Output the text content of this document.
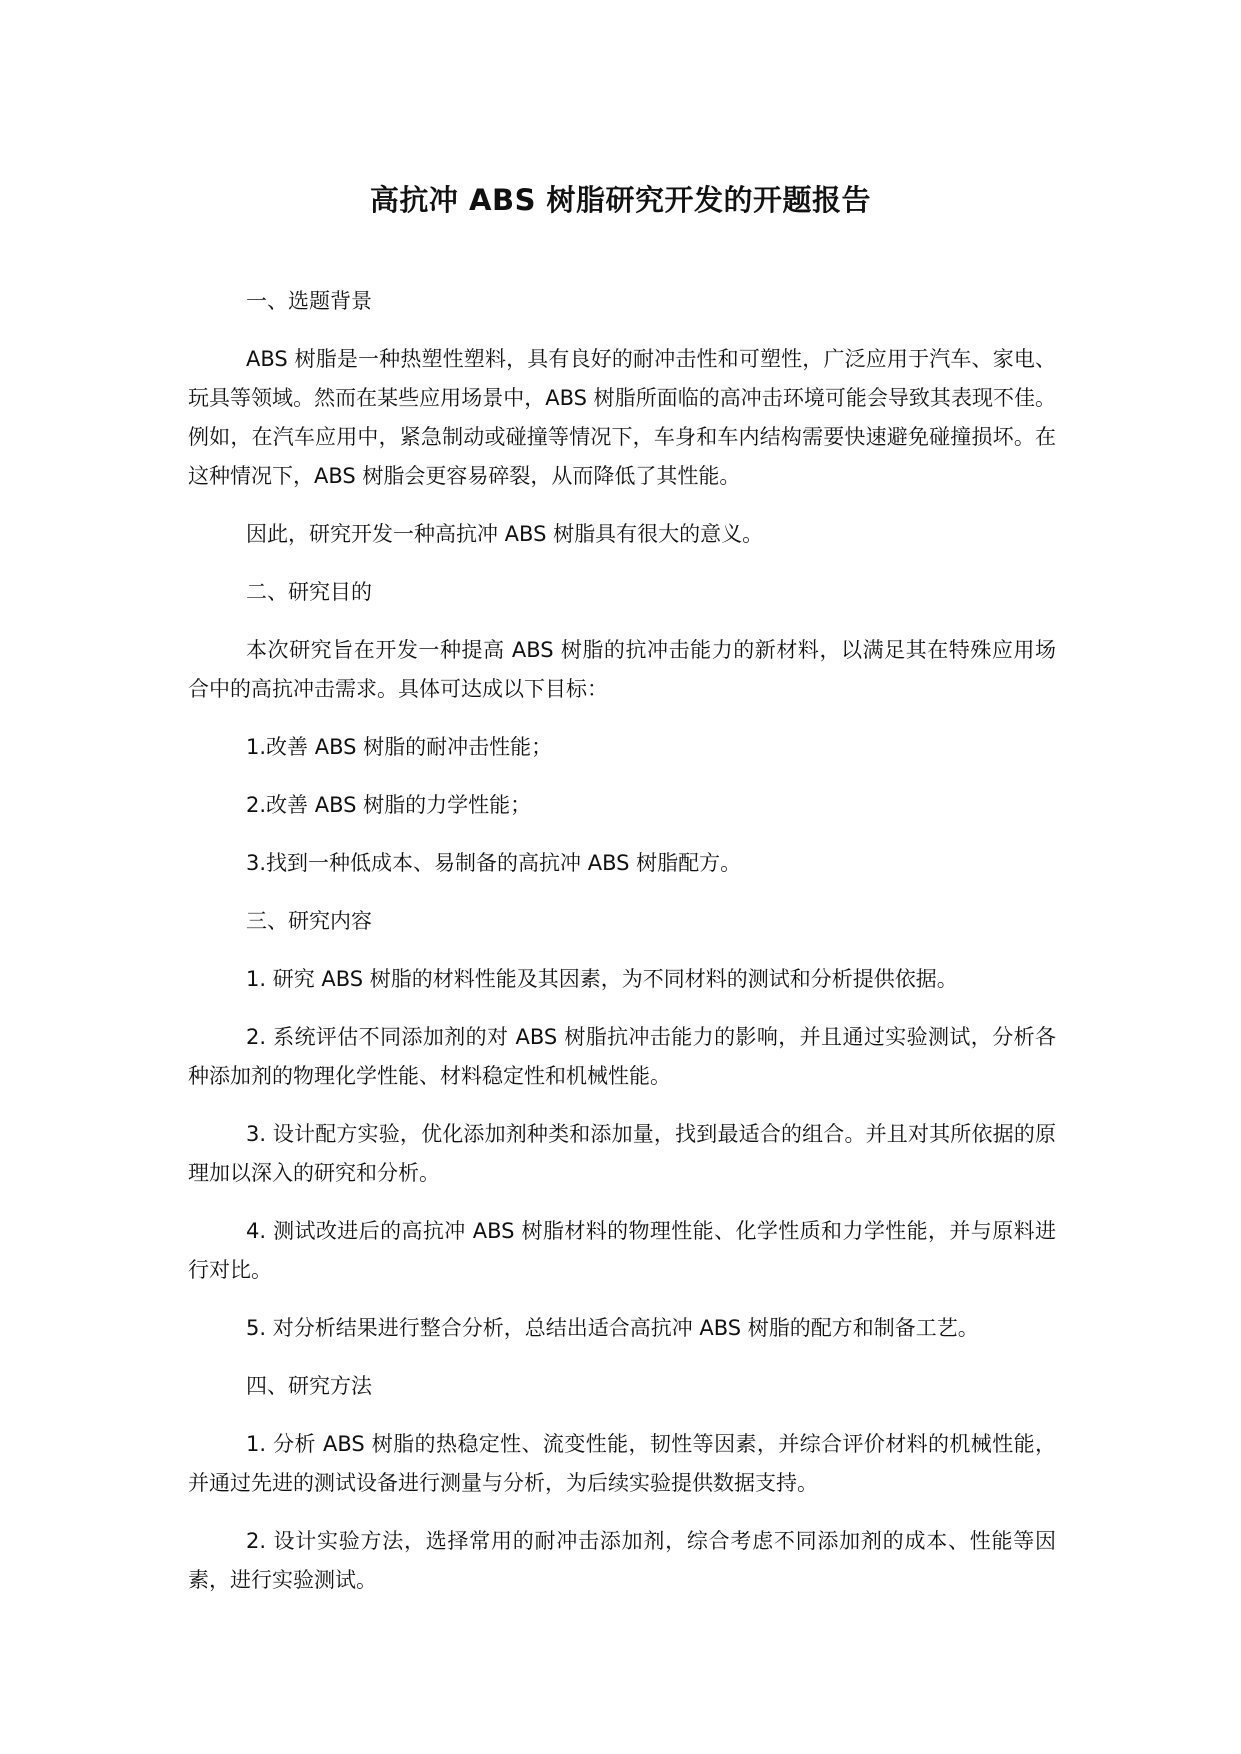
高抗冲 ABS 树脂研究开发的开题报告

一、选题背景

ABS 树脂是一种热塑性塑料，具有良好的耐冲击性和可塑性，广泛应用于汽车、家电、玩具等领域。然而在某些应用场景中，ABS 树脂所面临的高冲击环境可能会导致其表现不佳。例如，在汽车应用中，紧急制动或碰撞等情况下，车身和车内结构需要快速避免碰撞损坏。在这种情况下，ABS 树脂会更容易碎裂，从而降低了其性能。

因此，研究开发一种高抗冲 ABS 树脂具有很大的意义。

二、研究目的

本次研究旨在开发一种提高 ABS 树脂的抗冲击能力的新材料，以满足其在特殊应用场合中的高抗冲击需求。具体可达成以下目标：

1.改善 ABS 树脂的耐冲击性能；

2.改善 ABS 树脂的力学性能；

3.找到一种低成本、易制备的高抗冲 ABS 树脂配方。

三、研究内容

1. 研究 ABS 树脂的材料性能及其因素，为不同材料的测试和分析提供依据。

2. 系统评估不同添加剂的对 ABS 树脂抗冲击能力的影响，并且通过实验测试，分析各种添加剂的物理化学性能、材料稳定性和机械性能。

3. 设计配方实验，优化添加剂种类和添加量，找到最适合的组合。并且对其所依据的原理加以深入的研究和分析。

4. 测试改进后的高抗冲 ABS 树脂材料的物理性能、化学性质和力学性能，并与原料进行对比。

5. 对分析结果进行整合分析，总结出适合高抗冲 ABS 树脂的配方和制备工艺。

四、研究方法

1. 分析 ABS 树脂的热稳定性、流变性能，韧性等因素，并综合评价材料的机械性能，并通过先进的测试设备进行测量与分析，为后续实验提供数据支持。

2. 设计实验方法，选择常用的耐冲击添加剂，综合考虑不同添加剂的成本、性能等因素，进行实验测试。
